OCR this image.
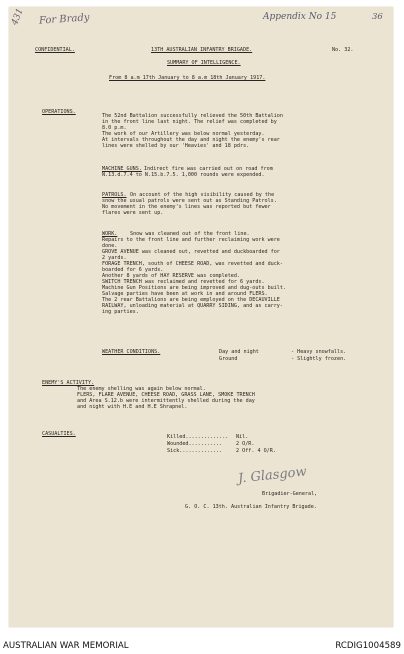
431 For Brady	Appendix No 15	36
CONFIDENTIAL.	13TH AUSTRALIAN INFANTRY BRIGADE.	No. 32.
SUMMARY OF INTELLIGENCE.
From 8 a.m 17th January to 8 a.m 18th January 1917.
OPERATIONS.
The 52nd Battalion successfully relieved the 50th Battalion
in the front line last night. The relief was completed by
8.0 p.m.
The work of our Artillery was below normal yesterday.
At intervals throughout the day and night the enemy's rear
lines were shelled by our 'Heavies' and 18 pdrs.
MACHINE GUNS. Indirect fire was carried out on road from
N.13.d.7.4 to N.15.b.7.5. 1,000 rounds were expended.
PATROLS. On account of the high visibility caused by the
snow the usual patrols were sent out as Standing Patrols.
No movement in the enemy's lines was reported but fewer
flares were sent up.
WORK. Snow was cleaned out of the front line.
Repairs to the front line and further reclaiming work were
done.
GROVE AVENUE was cleaned out, revetted and duckboarded for
2 yards.
FORAGE TRENCH, south of CHEESE ROAD, was revetted and duck-
boarded for 6 yards.
Another 8 yards of HAY RESERVE was completed.
SWITCH TRENCH was reclaimed and revetted for 6 yards.
Machine Gun Positions are being improved and dug-outs built.
Salvage parties have been at work in and around FLERS.
The 2 rear Battalions are being employed on the DECAUVILLE
RAILWAY, unloading material at QUARRY SIDING, and as carry-
ing parties.
WEATHER CONDITIONS.	Day and night	- Heavy snowfalls.
Ground	- Slightly frozen.
ENEMY'S ACTIVITY.
The enemy shelling was again below normal.
FLERS, FLARE AVENUE, CHEESE ROAD, GRASS LANE, SMOKE TRENCH
and Area S.12.b were intermittently shelled during the day
and night with H.E and H.E Shrapnel.
CASUALTIES.	Killed.............. Nil.
Wounded...........	2 O/R.
Sick..............	2 Off. 4 O/R.
J. Glasgow
Brigadier-General,
G. O. C. 13th. Australian Infantry Brigade.
AUSTRALIAN WAR MEMORIAL	RCDIG1004589
